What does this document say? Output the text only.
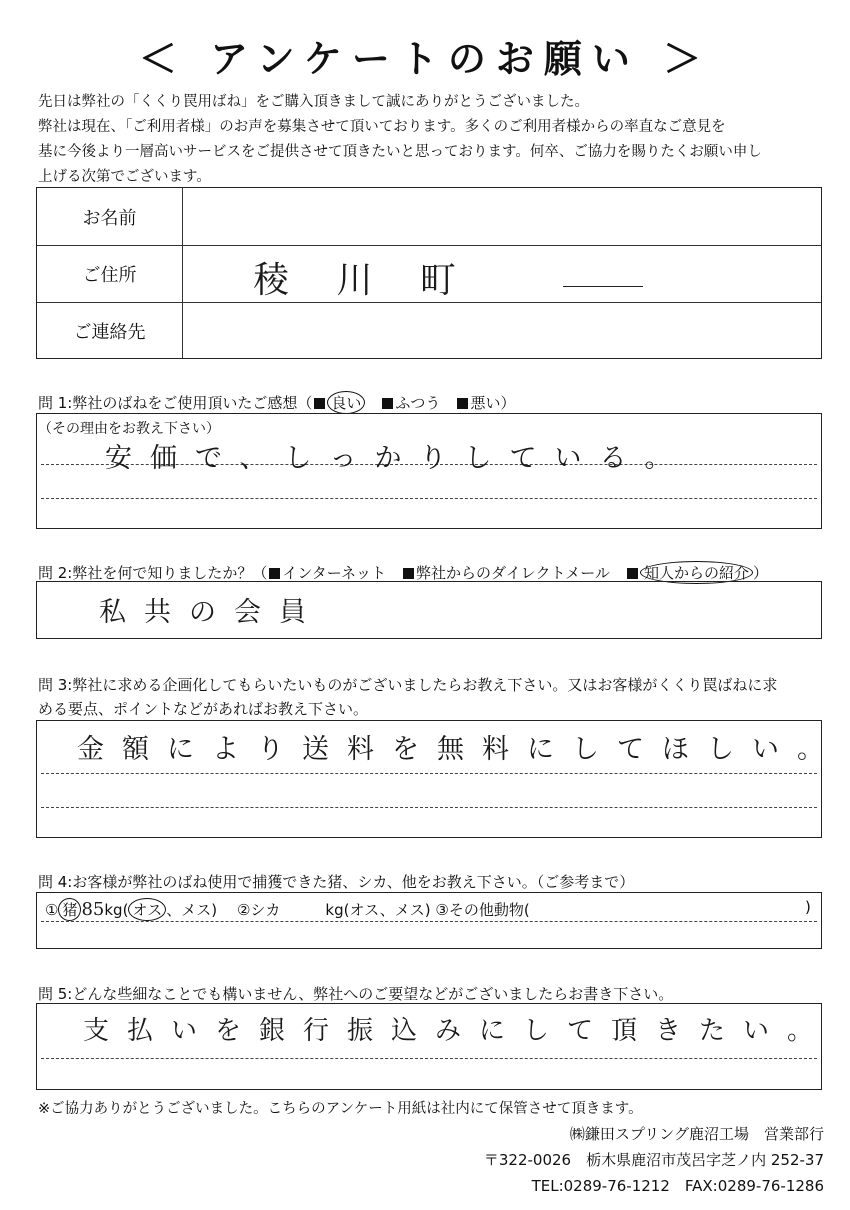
＜ アンケートのお願い ＞
先日は弊社の「くくり罠用ばね」をご購入頂きまして誠にありがとうございました。
弊社は現在、「ご利用者様」のお声を募集させて頂いております。多くのご利用者様からの率直なご意見を
基に今後より一層高いサービスをご提供させて頂きたいと思っております。何卒、ご協力を賜りたくお願い申し
上げる次第でございます。
お名前
ご住所	稜 川 町
ご連絡先
問 1:弊社のばねをご使用頂いたご感想（ 良い　 ふつう　 悪い）
（その理由をお教え下さい）
安価で、しっかりしている。
問 2:弊社を何で知りましたか？（ インターネット　 弊社からのダイレクトメール　 知人からの紹介 ）
私共の会員
問 3:弊社に求める企画化してもらいたいものがございましたらお教え下さい。又はお客様がくくり罠ばねに求
める要点、ポイントなどがあればお教え下さい。
金額により送料を無料にしてほしい。
問 4:お客様が弊社のばね使用で捕獲できた猪、シカ、他をお教え下さい。（ご参考まで）
① 猪 85kg( オス 、メス) 　 ②シカ　　　kg(オス、メス) ③その他動物(	)
問 5:どんな些細なことでも構いません、弊社へのご要望などがございましたらお書き下さい。
支払いを銀行振込みにして頂きたい。
※ご協力ありがとうございました。こちらのアンケート用紙は社内にて保管させて頂きます。
㈱鎌田スプリング鹿沼工場　営業部行
〒322-0026　栃木県鹿沼市茂呂字芝ノ内 252-37
TEL:0289-76-1212　FAX:0289-76-1286
